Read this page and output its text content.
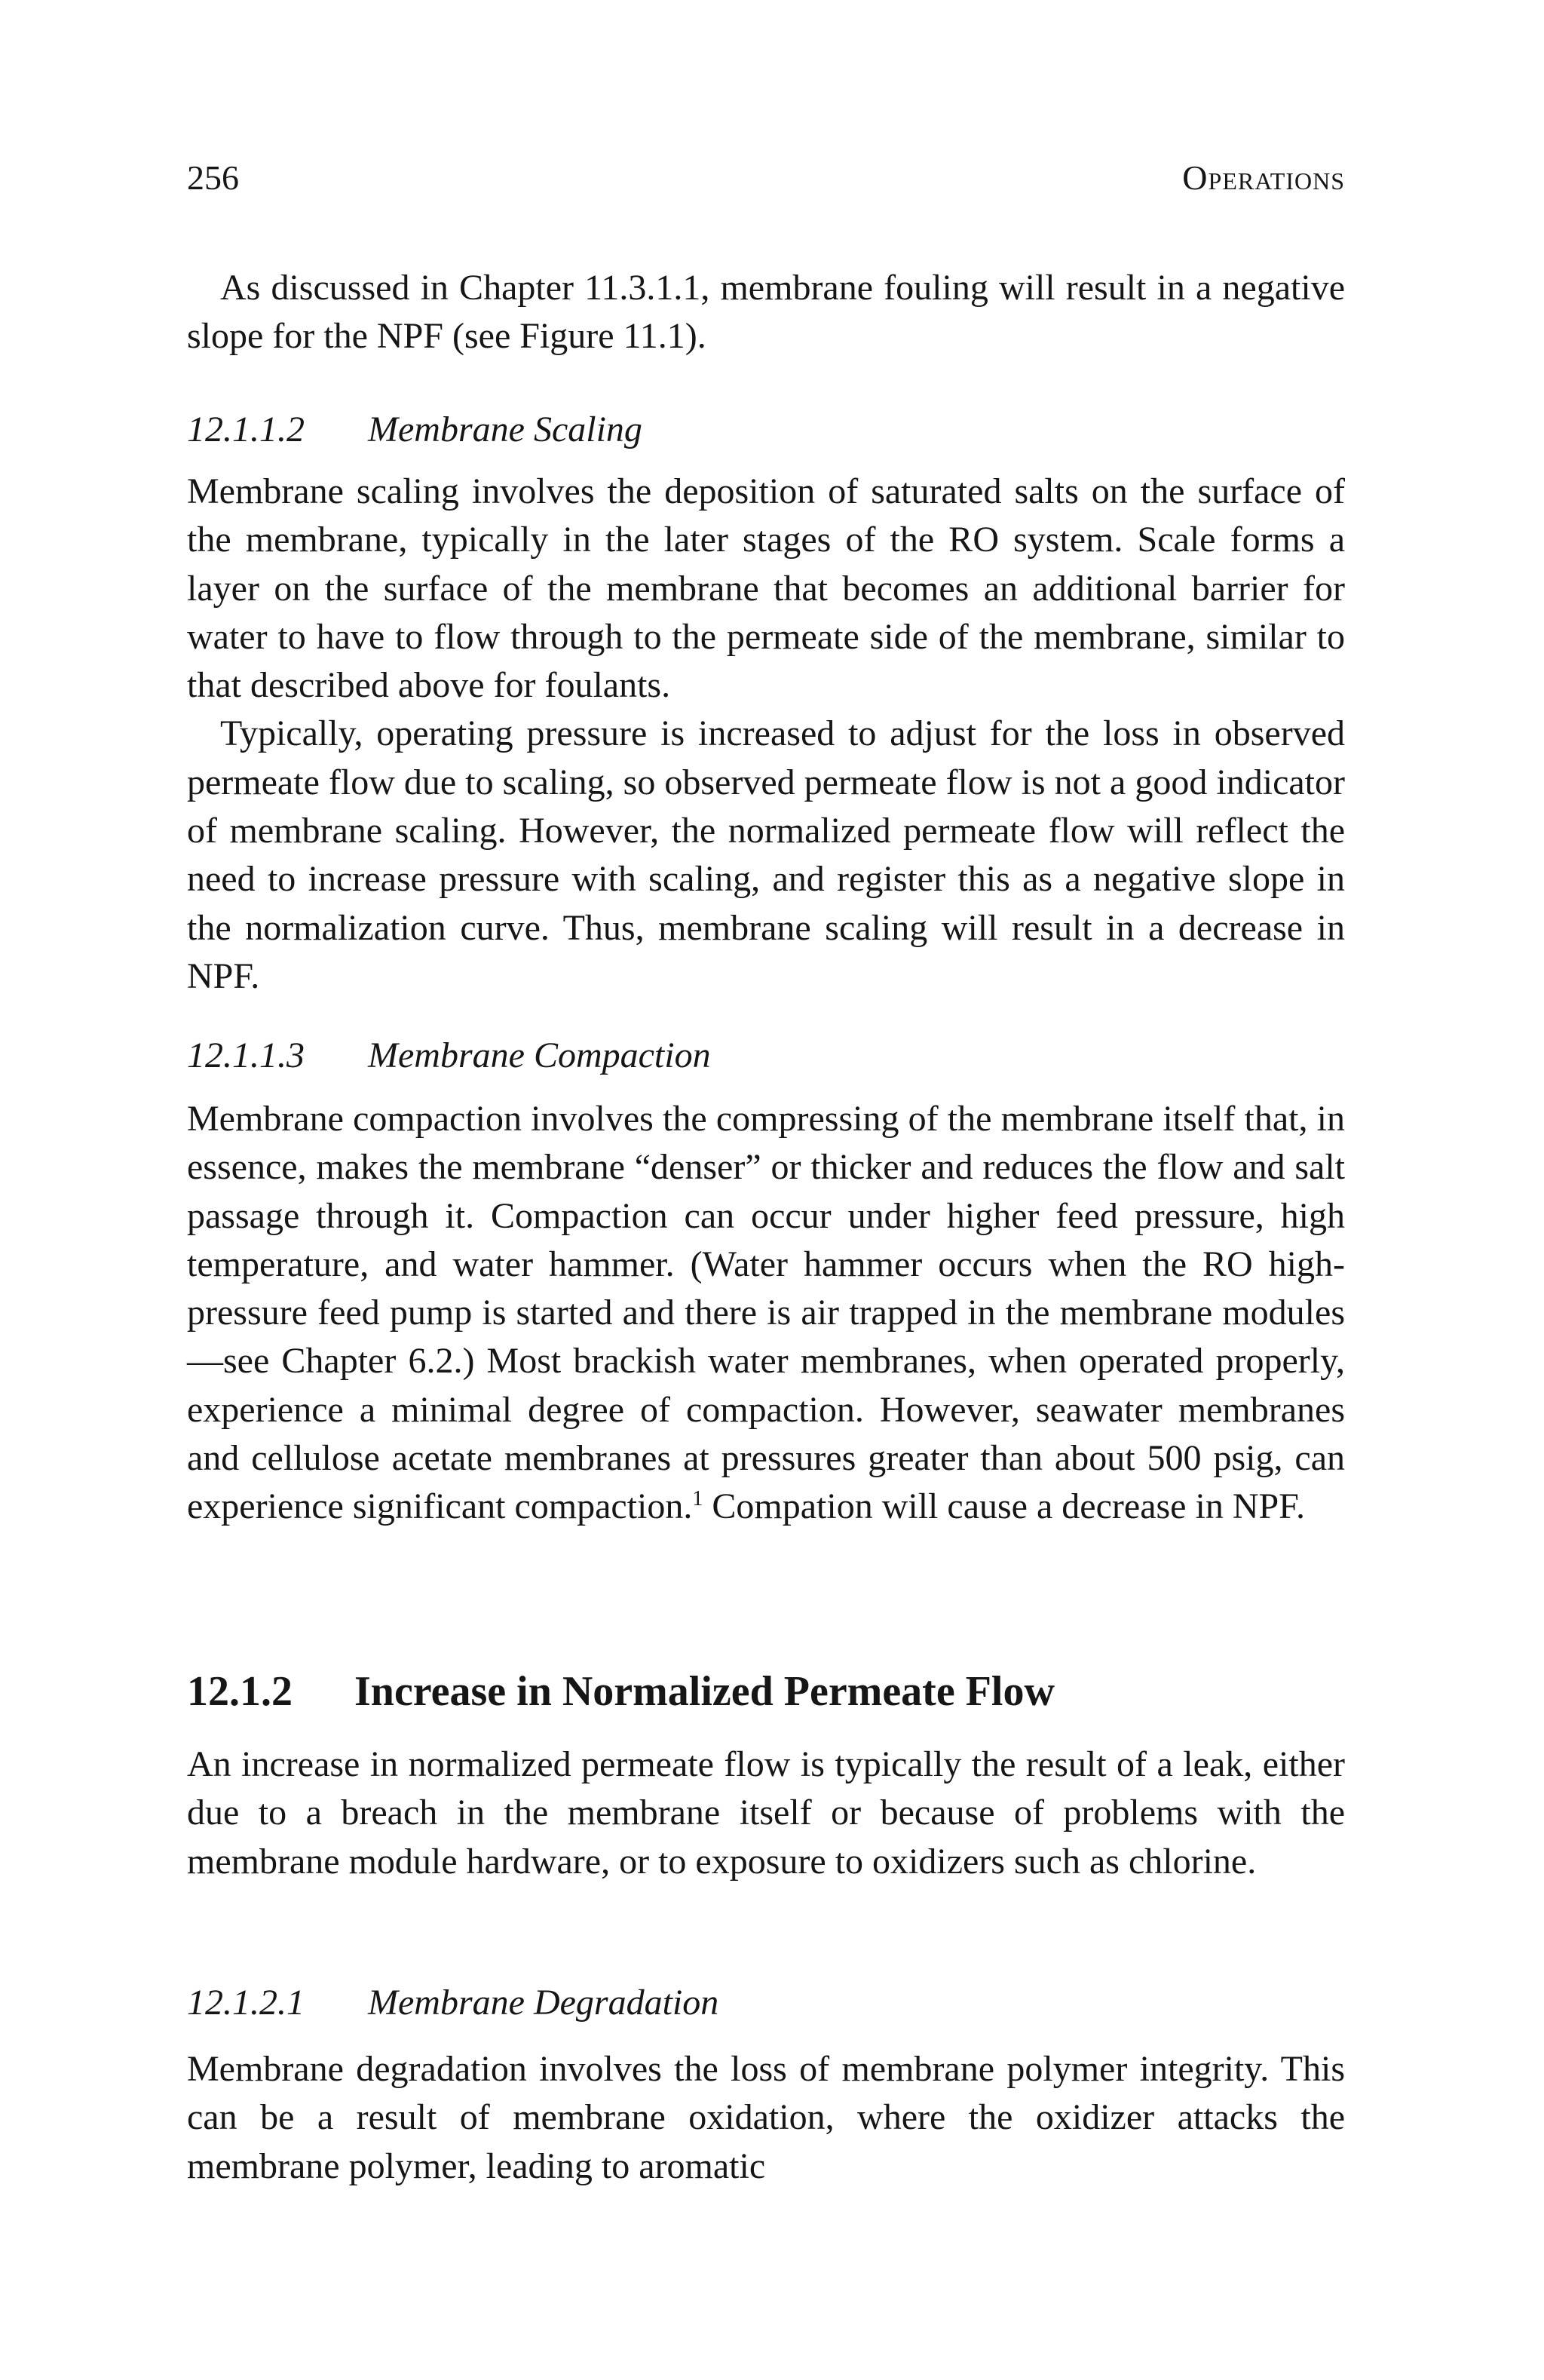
256	Operations

As discussed in Chapter 11.3.1.1, membrane fouling will result in a negative slope for the NPF (see Figure 11.1).

12.1.1.2 Membrane Scaling

Membrane scaling involves the deposition of saturated salts on the surface of the membrane, typically in the later stages of the RO system. Scale forms a layer on the surface of the membrane that becomes an additional barrier for water to have to flow through to the permeate side of the membrane, similar to that described above for foulants.

Typically, operating pressure is increased to adjust for the loss in observed permeate flow due to scaling, so observed permeate flow is not a good indicator of membrane scaling. However, the normalized permeate flow will reflect the need to increase pressure with scaling, and register this as a negative slope in the normalization curve. Thus, membrane scaling will result in a decrease in NPF.

12.1.1.3 Membrane Compaction

Membrane compaction involves the compressing of the membrane itself that, in essence, makes the membrane “denser” or thicker and reduces the flow and salt passage through it. Compaction can occur under higher feed pressure, high temperature, and water hammer. (Water hammer occurs when the RO high-pressure feed pump is started and there is air trapped in the membrane modules—see Chapter 6.2.) Most brackish water membranes, when operated properly, experience a minimal degree of compaction. However, seawater membranes and cellulose acetate membranes at pressures greater than about 500 psig, can experience significant compaction.$^1$ Compation will cause a decrease in NPF.

12.1.2 Increase in Normalized Permeate Flow

An increase in normalized permeate flow is typically the result of a leak, either due to a breach in the membrane itself or because of problems with the membrane module hardware, or to exposure to oxidizers such as chlorine.

12.1.2.1 Membrane Degradation

Membrane degradation involves the loss of membrane polymer integrity. This can be a result of membrane oxidation, where the oxidizer attacks the membrane polymer, leading to aromatic
